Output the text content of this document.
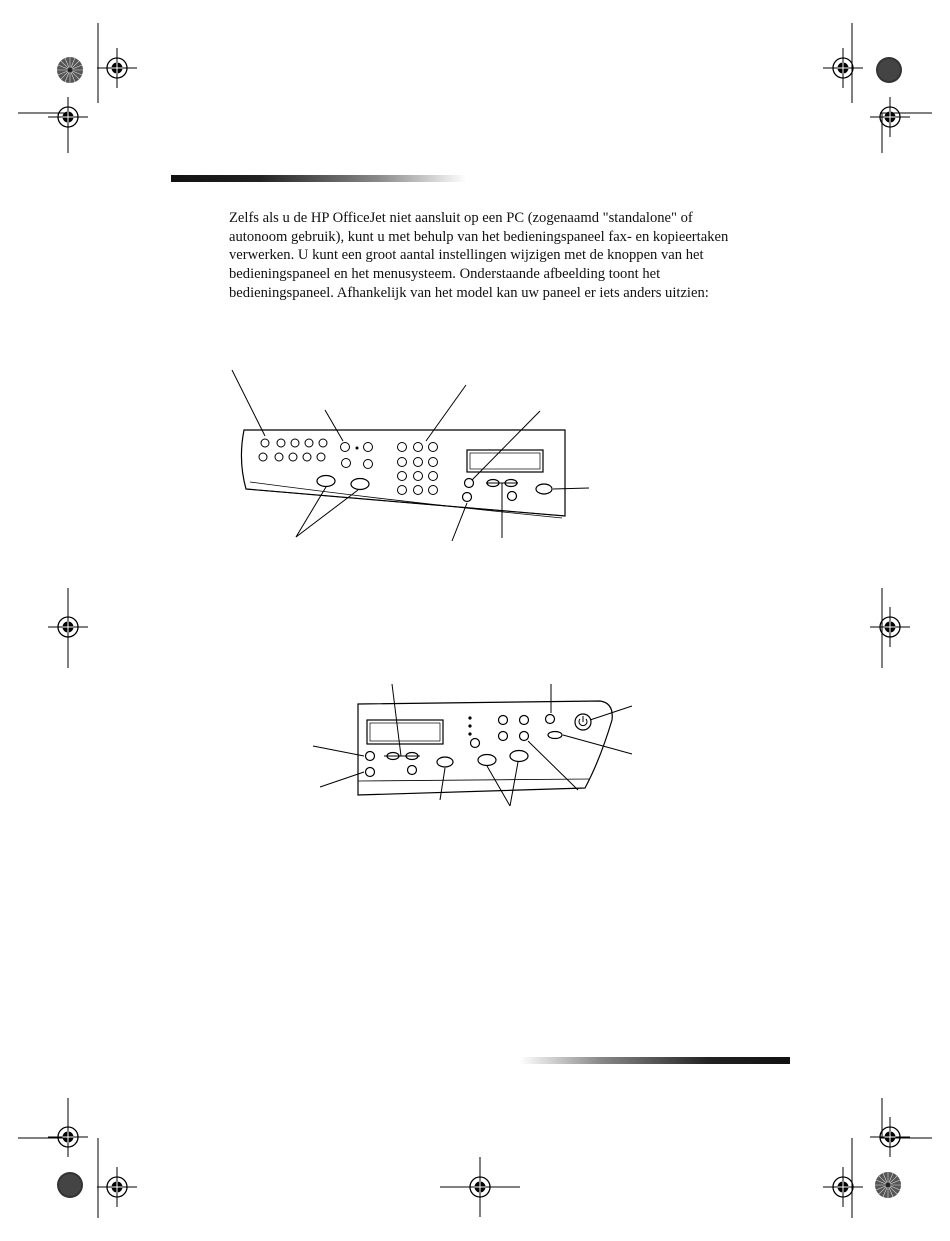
Zelfs als u de HP OfficeJet niet aansluit op een PC (zogenaamd "standalone" of
autonoom gebruik), kunt u met behulp van het bedieningspaneel fax- en kopieertaken
verwerken. U kunt een groot aantal instellingen wijzigen met de knoppen van het
bedieningspaneel en het menusysteem. Onderstaande afbeelding toont het
bedieningspaneel. Afhankelijk van het model kan uw paneel er iets anders uitzien:
